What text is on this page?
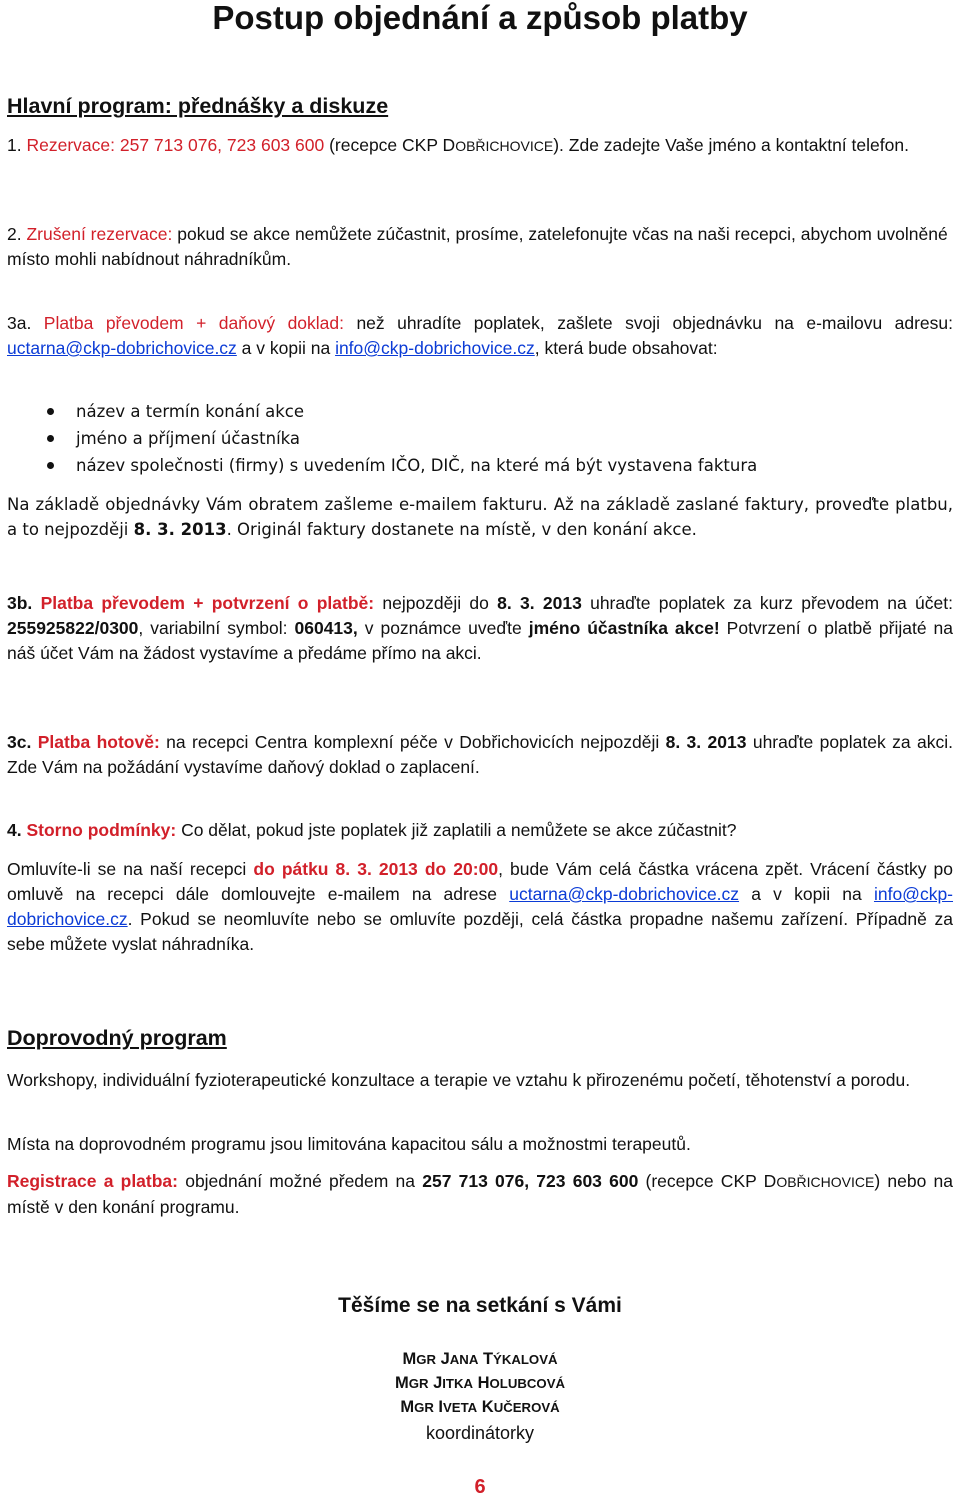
Postup objednání a způsob platby
Hlavní program: přednášky a diskuze
1. Rezervace: 257 713 076, 723 603 600 (recepce CKP DOBŘICHOVICE). Zde zadejte Vaše jméno a kontaktní telefon.
2. Zrušení rezervace: pokud se akce nemůžete zúčastnit, prosíme, zatelefonujte včas na naši recepci, abychom uvolněné místo mohli nabídnout náhradníkům.
3a. Platba převodem + daňový doklad: než uhradíte poplatek, zašlete svoji objednávku na e-mailovu adresu: uctarna@ckp-dobrichovice.cz a v kopii na info@ckp-dobrichovice.cz, která bude obsahovat:
název a termín konání akce
jméno a příjmení účastníka
název společnosti (firmy) s uvedením IČO, DIČ, na které má být vystavena faktura
Na základě objednávky Vám obratem zašleme e-mailem fakturu. Až na základě zaslané faktury, proveďte platbu, a to nejpozději 8. 3. 2013. Originál faktury dostanete na místě, v den konání akce.
3b. Platba převodem + potvrzení o platbě: nejpozději do 8. 3. 2013 uhraďte poplatek za kurz převodem na účet: 255925822/0300, variabilní symbol: 060413, v poznámce uveďte jméno účastníka akce! Potvrzení o platbě přijaté na náš účet Vám na žádost vystavíme a předáme přímo na akci.
3c. Platba hotově: na recepci Centra komplexní péče v Dobřichovicích nejpozději 8. 3. 2013 uhraďte poplatek za akci. Zde Vám na požádání vystavíme daňový doklad o zaplacení.
4. Storno podmínky: Co dělat, pokud jste poplatek již zaplatili a nemůžete se akce zúčastnit?
Omluvíte-li se na naší recepci do pátku 8. 3. 2013 do 20:00, bude Vám celá částka vrácena zpět. Vrácení částky po omluvě na recepci dále domlouvejte e-mailem na adrese uctarna@ckp-dobrichovice.cz a v kopii na info@ckp-dobrichovice.cz. Pokud se neomluvíte nebo se omluvíte později, celá částka propadne našemu zařízení. Případně za sebe můžete vyslat náhradníka.
Doprovodný program
Workshopy, individuální fyzioterapeutické konzultace a terapie ve vztahu k přirozenému početí, těhotenství a porodu.
Místa na doprovodném programu jsou limitována kapacitou sálu a možnostmi terapeutů.
Registrace a platba: objednání možné předem na 257 713 076, 723 603 600 (recepce CKP DOBŘICHOVICE) nebo na místě v den konání programu.
Těšíme se na setkání s Vámi
MGR JANA TÝKALOVÁ
MGR JITKA HOLUBCOVÁ
MGR IVETA KUČEROVÁ
koordinátorky
6
